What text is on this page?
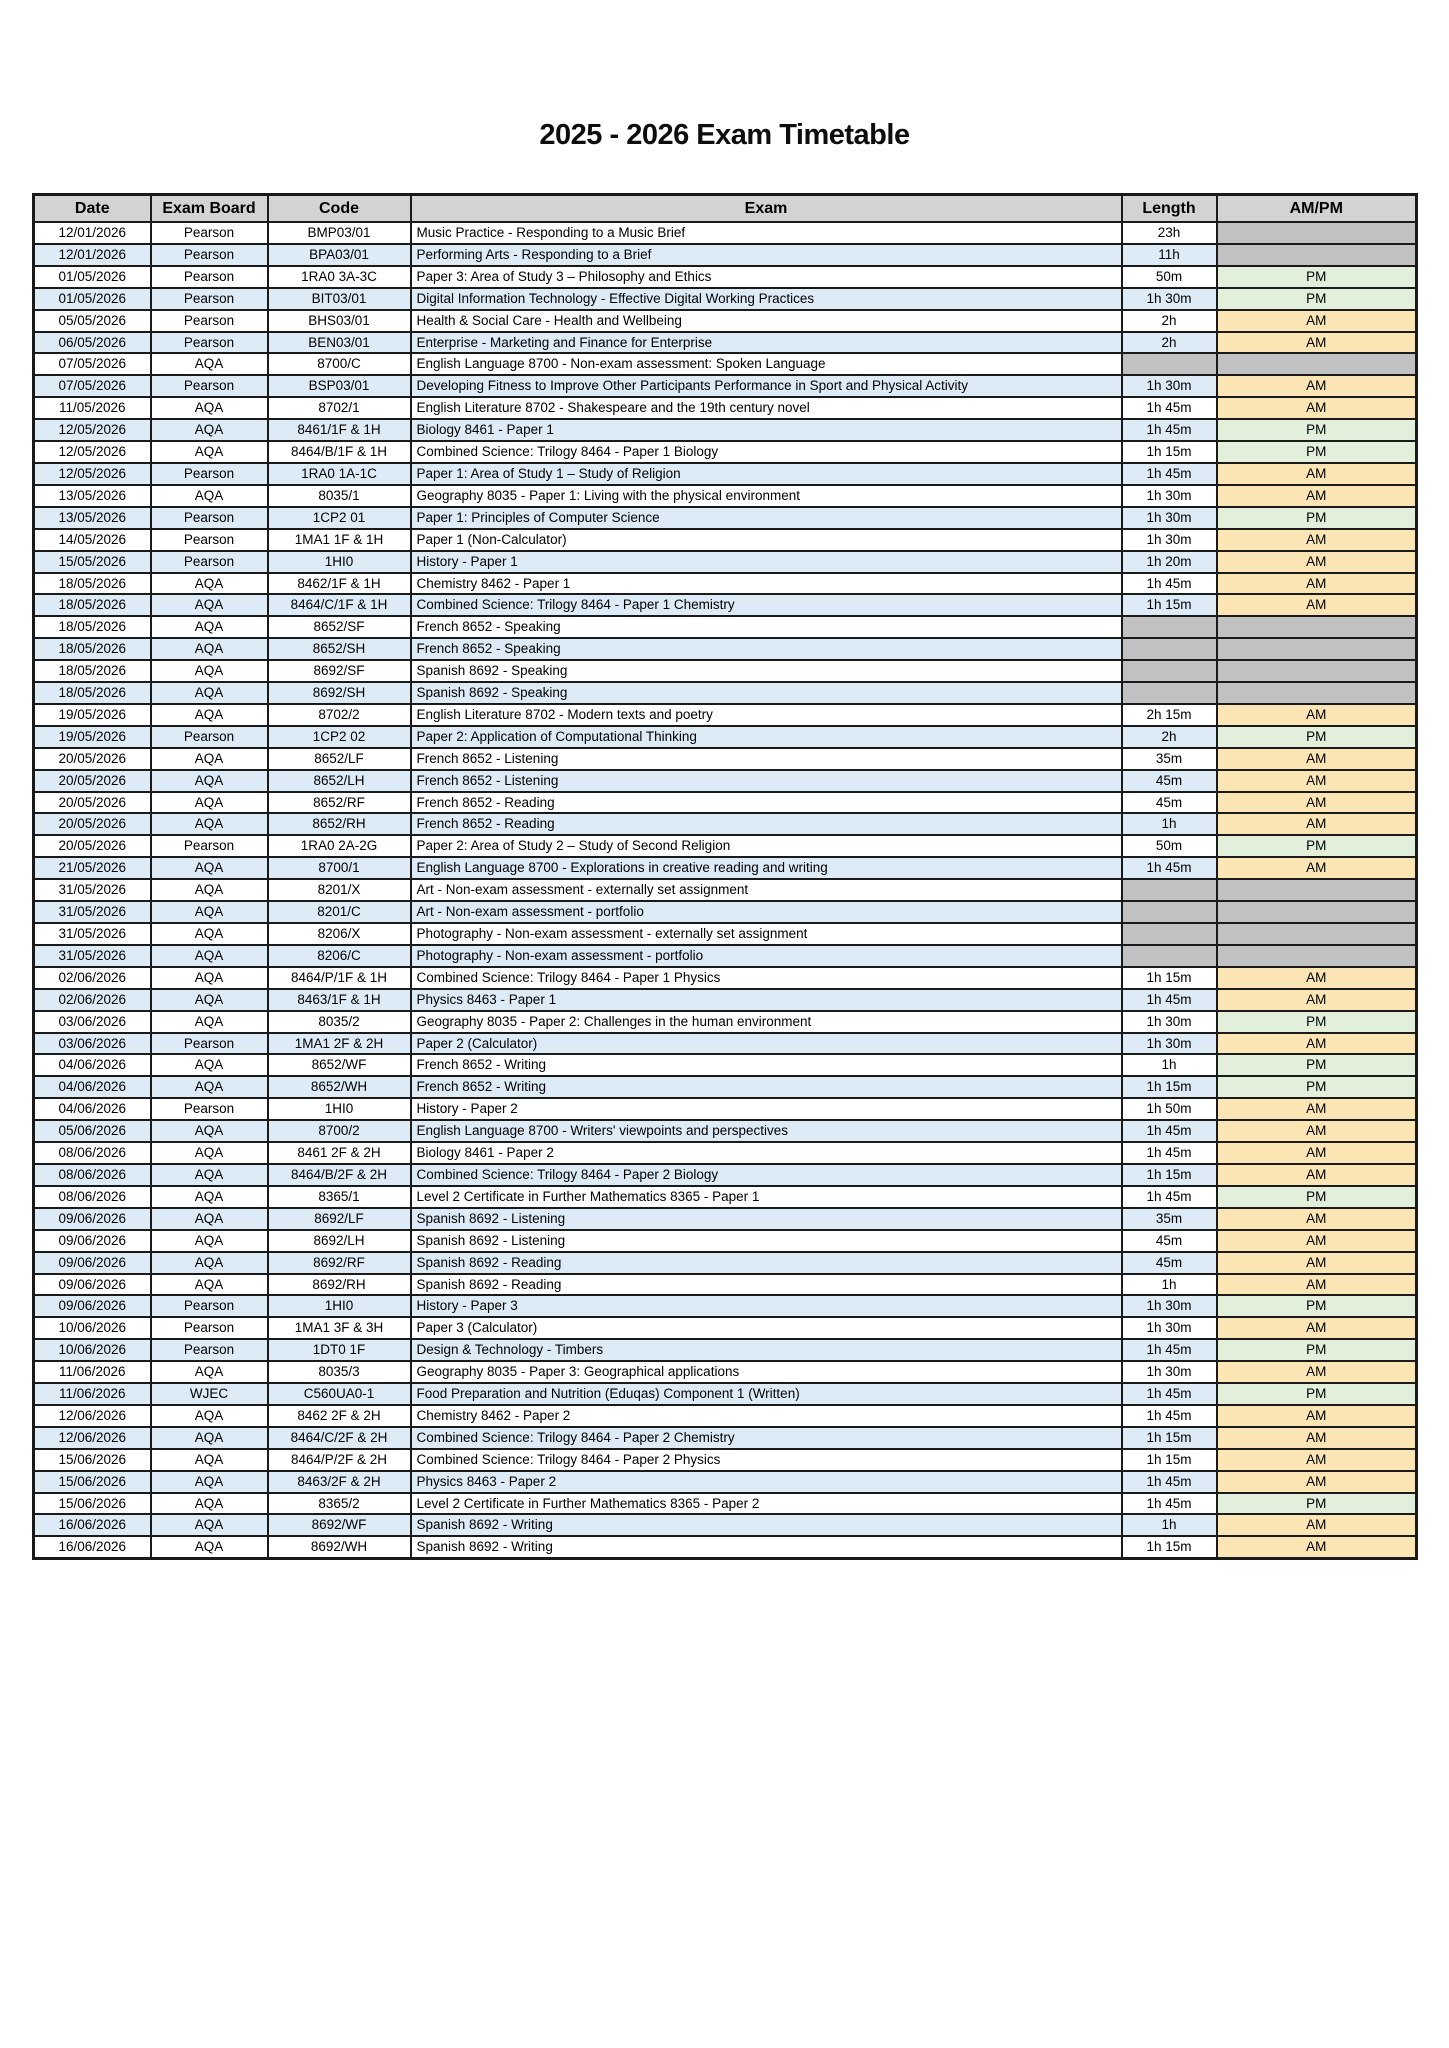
2025 - 2026 Exam Timetable
Date	Exam Board	Code	Exam	Length	AM/PM
12/01/2026	Pearson	BMP03/01	Music Practice - Responding to a Music Brief	23h	
12/01/2026	Pearson	BPA03/01	Performing Arts - Responding to a Brief	11h	
01/05/2026	Pearson	1RA0 3A-3C	Paper 3: Area of Study 3 – Philosophy and Ethics	50m	PM
01/05/2026	Pearson	BIT03/01	Digital Information Technology - Effective Digital Working Practices	1h 30m	PM
05/05/2026	Pearson	BHS03/01	Health & Social Care - Health and Wellbeing	2h	AM
06/05/2026	Pearson	BEN03/01	Enterprise - Marketing and Finance for Enterprise	2h	AM
07/05/2026	AQA	8700/C	English Language 8700 - Non-exam assessment: Spoken Language		
07/05/2026	Pearson	BSP03/01	Developing Fitness to Improve Other Participants Performance in Sport and Physical Activity	1h 30m	AM
11/05/2026	AQA	8702/1	English Literature 8702 - Shakespeare and the 19th century novel	1h 45m	AM
12/05/2026	AQA	8461/1F & 1H	Biology 8461 - Paper 1	1h 45m	PM
12/05/2026	AQA	8464/B/1F & 1H	Combined Science: Trilogy 8464 - Paper 1 Biology	1h 15m	PM
12/05/2026	Pearson	1RA0 1A-1C	Paper 1: Area of Study 1 – Study of Religion	1h 45m	AM
13/05/2026	AQA	8035/1	Geography 8035 - Paper 1: Living with the physical environment	1h 30m	AM
13/05/2026	Pearson	1CP2 01	Paper 1: Principles of Computer Science	1h 30m	PM
14/05/2026	Pearson	1MA1 1F & 1H	Paper 1 (Non-Calculator)	1h 30m	AM
15/05/2026	Pearson	1HI0	History - Paper 1	1h 20m	AM
18/05/2026	AQA	8462/1F & 1H	Chemistry 8462 - Paper 1	1h 45m	AM
18/05/2026	AQA	8464/C/1F & 1H	Combined Science: Trilogy 8464 - Paper 1 Chemistry	1h 15m	AM
18/05/2026	AQA	8652/SF	French 8652 - Speaking		
18/05/2026	AQA	8652/SH	French 8652 - Speaking		
18/05/2026	AQA	8692/SF	Spanish 8692 - Speaking		
18/05/2026	AQA	8692/SH	Spanish 8692 - Speaking		
19/05/2026	AQA	8702/2	English Literature 8702 - Modern texts and poetry	2h 15m	AM
19/05/2026	Pearson	1CP2 02	Paper 2: Application of Computational Thinking	2h	PM
20/05/2026	AQA	8652/LF	French 8652 - Listening	35m	AM
20/05/2026	AQA	8652/LH	French 8652 - Listening	45m	AM
20/05/2026	AQA	8652/RF	French 8652 - Reading	45m	AM
20/05/2026	AQA	8652/RH	French 8652 - Reading	1h	AM
20/05/2026	Pearson	1RA0 2A-2G	Paper 2: Area of Study 2 – Study of Second Religion	50m	PM
21/05/2026	AQA	8700/1	English Language 8700 - Explorations in creative reading and writing	1h 45m	AM
31/05/2026	AQA	8201/X	Art - Non-exam assessment - externally set assignment		
31/05/2026	AQA	8201/C	Art - Non-exam assessment - portfolio		
31/05/2026	AQA	8206/X	Photography - Non-exam assessment - externally set assignment		
31/05/2026	AQA	8206/C	Photography - Non-exam assessment - portfolio		
02/06/2026	AQA	8464/P/1F & 1H	Combined Science: Trilogy 8464 - Paper 1 Physics	1h 15m	AM
02/06/2026	AQA	8463/1F & 1H	Physics 8463 - Paper 1	1h 45m	AM
03/06/2026	AQA	8035/2	Geography 8035 - Paper 2: Challenges in the human environment	1h 30m	PM
03/06/2026	Pearson	1MA1 2F & 2H	Paper 2 (Calculator)	1h 30m	AM
04/06/2026	AQA	8652/WF	French 8652 - Writing	1h	PM
04/06/2026	AQA	8652/WH	French 8652 - Writing	1h 15m	PM
04/06/2026	Pearson	1HI0	History - Paper 2	1h 50m	AM
05/06/2026	AQA	8700/2	English Language 8700 - Writers' viewpoints and perspectives	1h 45m	AM
08/06/2026	AQA	8461 2F & 2H	Biology 8461 - Paper 2	1h 45m	AM
08/06/2026	AQA	8464/B/2F & 2H	Combined Science: Trilogy 8464 - Paper 2 Biology	1h 15m	AM
08/06/2026	AQA	8365/1	Level 2 Certificate in Further Mathematics 8365 - Paper 1	1h 45m	PM
09/06/2026	AQA	8692/LF	Spanish 8692 - Listening	35m	AM
09/06/2026	AQA	8692/LH	Spanish 8692 - Listening	45m	AM
09/06/2026	AQA	8692/RF	Spanish 8692 - Reading	45m	AM
09/06/2026	AQA	8692/RH	Spanish 8692 - Reading	1h	AM
09/06/2026	Pearson	1HI0	History - Paper 3	1h 30m	PM
10/06/2026	Pearson	1MA1 3F & 3H	Paper 3 (Calculator)	1h 30m	AM
10/06/2026	Pearson	1DT0 1F	Design & Technology - Timbers	1h 45m	PM
11/06/2026	AQA	8035/3	Geography 8035 - Paper 3: Geographical applications	1h 30m	AM
11/06/2026	WJEC	C560UA0-1	Food Preparation and Nutrition (Eduqas) Component 1 (Written)	1h 45m	PM
12/06/2026	AQA	8462 2F & 2H	Chemistry 8462 - Paper 2	1h 45m	AM
12/06/2026	AQA	8464/C/2F & 2H	Combined Science: Trilogy 8464 - Paper 2 Chemistry	1h 15m	AM
15/06/2026	AQA	8464/P/2F & 2H	Combined Science: Trilogy 8464 - Paper 2 Physics	1h 15m	AM
15/06/2026	AQA	8463/2F & 2H	Physics 8463 - Paper 2	1h 45m	AM
15/06/2026	AQA	8365/2	Level 2 Certificate in Further Mathematics 8365 - Paper 2	1h 45m	PM
16/06/2026	AQA	8692/WF	Spanish 8692 - Writing	1h	AM
16/06/2026	AQA	8692/WH	Spanish 8692 - Writing	1h 15m	AM
